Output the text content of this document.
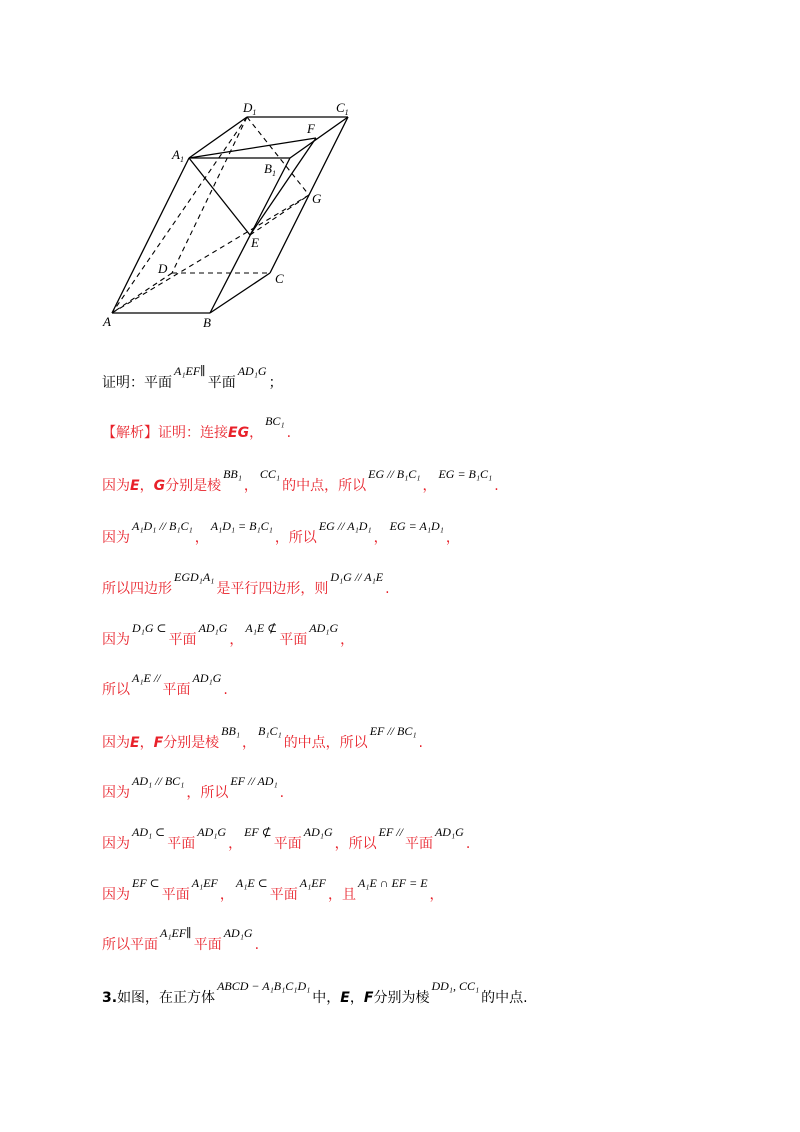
$D_1$	$C_1$
F
$A_1$
$B_1$
G
E
D
C
A	B
证明：平面A₁EF∥平面AD₁G；
【解析】证明：连接EG，BC₁.
因为E，G分别是棱BB₁，CC₁的中点，所以EG // B₁C₁，EG = B₁C₁.
因为A₁D₁ // B₁C₁，A₁D₁ = B₁C₁，所以EG // A₁D₁，EG = A₁D₁，
所以四边形EGD₁A₁是平行四边形，则D₁G // A₁E.
因为D₁G ⊂平面AD₁G，A₁E ⊄平面AD₁G，
所以A₁E //平面AD₁G.
因为E，F分别是棱BB₁，B₁C₁的中点，所以EF // BC₁.
因为AD₁ // BC₁，所以EF // AD₁.
因为AD₁ ⊂平面AD₁G，EF ⊄平面AD₁G，所以EF //平面AD₁G.
因为EF ⊂平面A₁EF，A₁E ⊂平面A₁EF，且A₁E ∩ EF = E，
所以平面A₁EF∥平面AD₁G.
3.如图，在正方体ABCD − A₁B₁C₁D₁中，E，F分别为棱DD₁, CC₁的中点.
